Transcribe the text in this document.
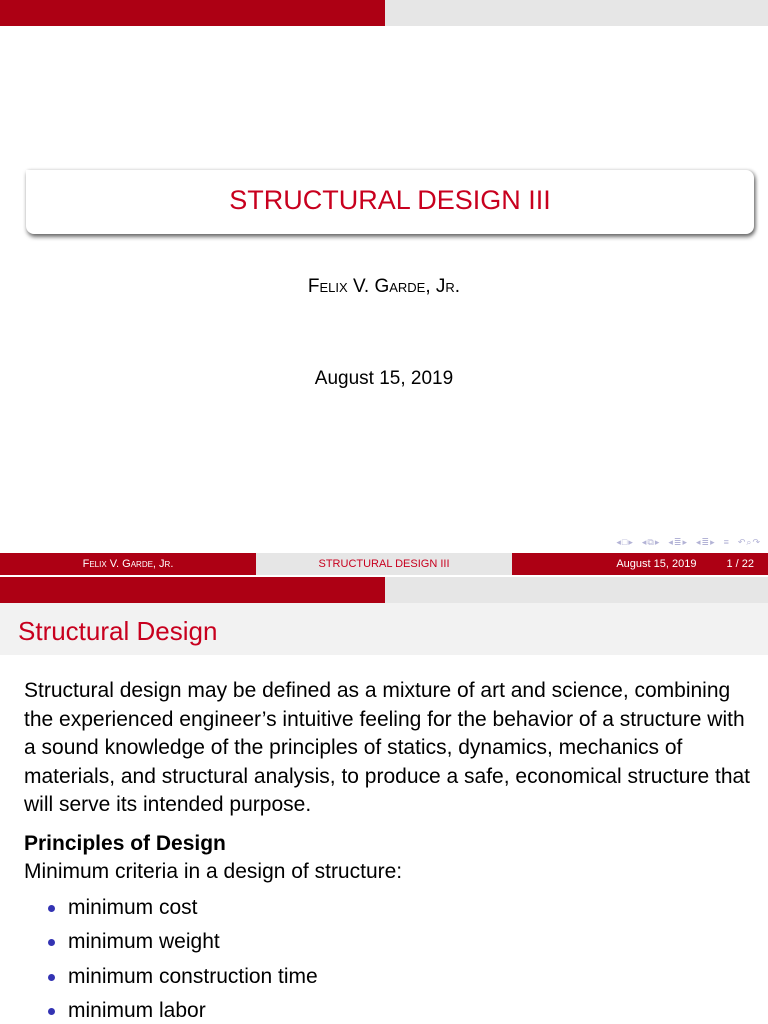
STRUCTURAL DESIGN III
Felix V. Garde, Jr.
August 15, 2019
◂ □ ▸ ◂ ⧉ ▸ ◂ ≣ ▸ ◂ ≣ ▸ ≡ ↶ ⌕ ↷
Felix V. Garde, Jr.	STRUCTURAL DESIGN III	August 15, 2019	1 / 22
Structural Design

Structural design may be defined as a mixture of art and science, combining the experienced engineer’s intuitive feeling for the behavior of a structure with a sound knowledge of the principles of statics, dynamics, mechanics of materials, and structural analysis, to produce a safe, economical structure that will serve its intended purpose.

Principles of Design

Minimum criteria in a design of structure:

minimum cost
minimum weight
minimum construction time
minimum labor
